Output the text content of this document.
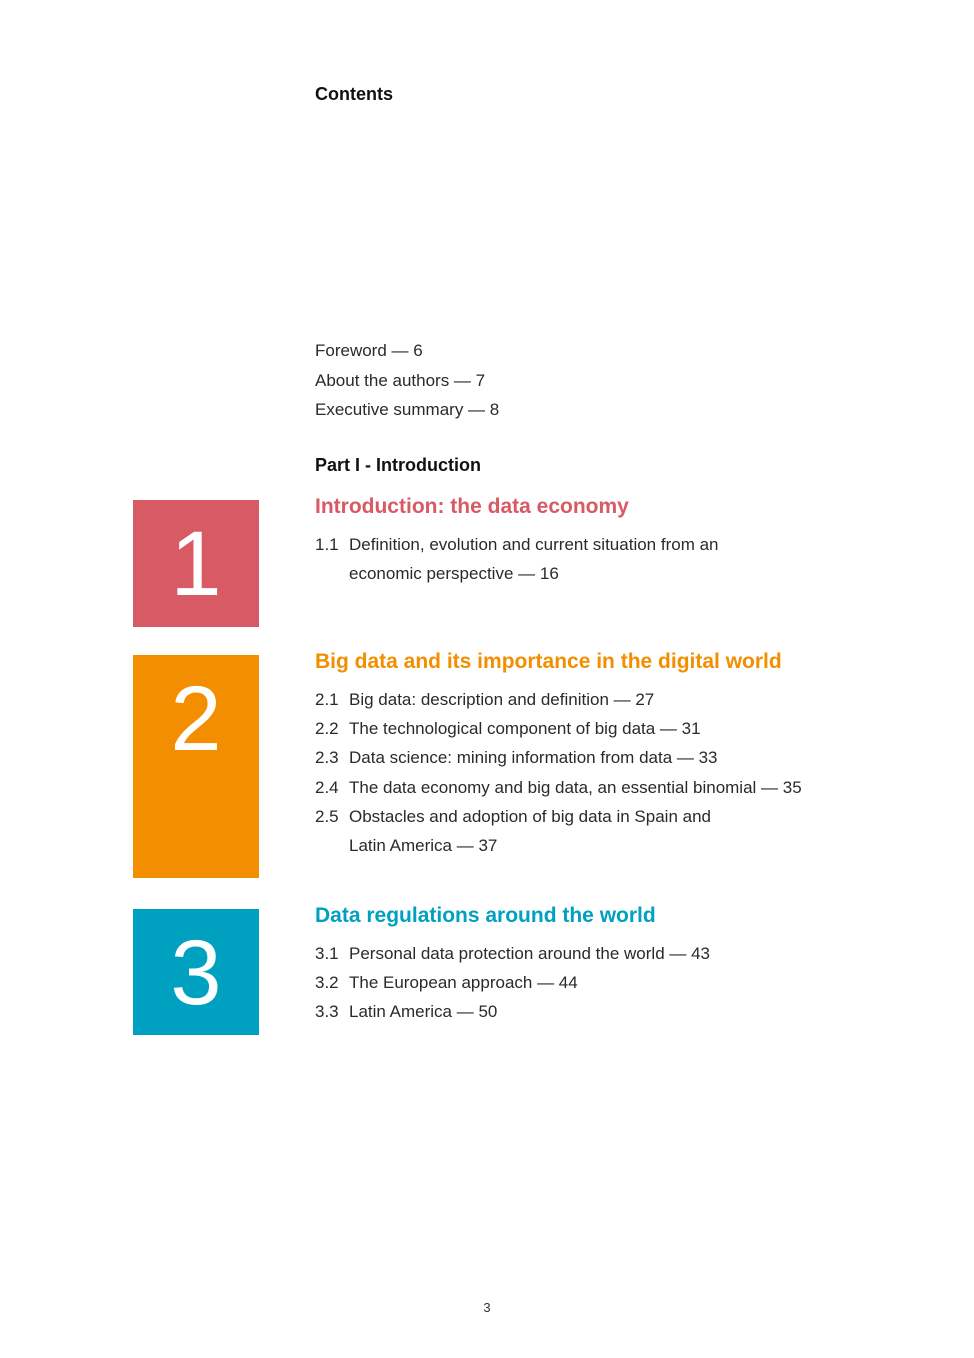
Contents
Foreword — 6
About the authors — 7
Executive summary — 8
Part I - Introduction
1
Introduction: the data economy
1.1 Definition, evolution and current situation from an economic perspective — 16
2
Big data and its importance in the digital world
2.1 Big data: description and definition — 27
2.2 The technological component of big data — 31
2.3 Data science: mining information from data — 33
2.4 The data economy and big data, an essential binomial — 35
2.5 Obstacles and adoption of big data in Spain and Latin America — 37
3
Data regulations around the world
3.1 Personal data protection around the world — 43
3.2 The European approach — 44
3.3 Latin America — 50
3
